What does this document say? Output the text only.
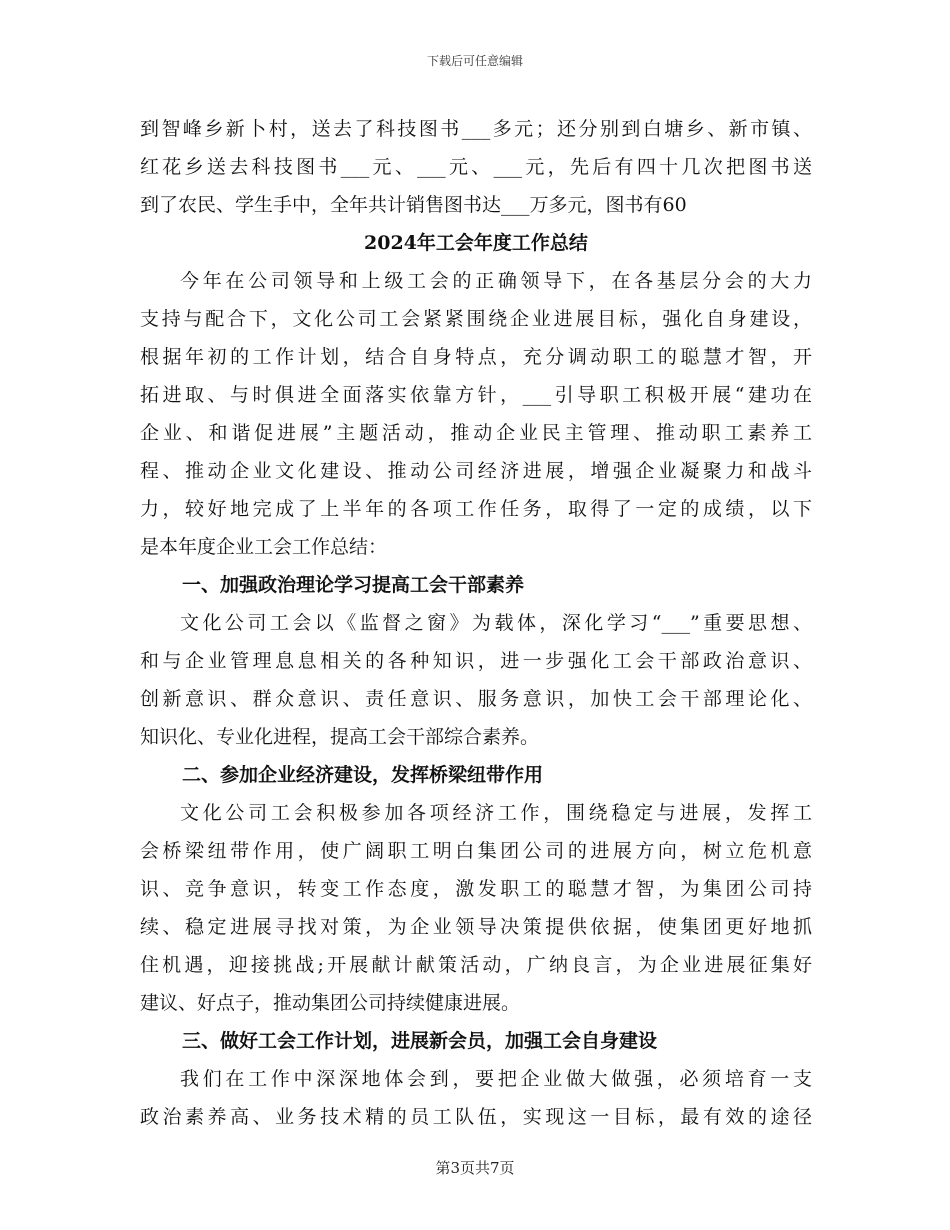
下载后可任意编辑
到智峰乡新卜村，送去了科技图书___多元；还分别到白塘乡、新市镇、
红花乡送去科技图书___元、___元、___元，先后有四十几次把图书送
到了农民、学生手中，全年共计销售图书达___万多元，图书有60
2024年工会年度工作总结
今年在公司领导和上级工会的正确领导下，在各基层分会的大力
支持与配合下，文化公司工会紧紧围绕企业进展目标，强化自身建设，
根据年初的工作计划，结合自身特点，充分调动职工的聪慧才智，开
拓进取、与时俱进全面落实依靠方针，___引导职工积极开展“建功在
企业、和谐促进展”主题活动，推动企业民主管理、推动职工素养工
程、推动企业文化建设、推动公司经济进展，增强企业凝聚力和战斗
力，较好地完成了上半年的各项工作任务，取得了一定的成绩，以下
是本年度企业工会工作总结：
一、加强政治理论学习提高工会干部素养
文化公司工会以《监督之窗》为载体，深化学习“___”重要思想、
和与企业管理息息相关的各种知识，进一步强化工会干部政治意识、
创新意识、群众意识、责任意识、服务意识，加快工会干部理论化、
知识化、专业化进程，提高工会干部综合素养。
二、参加企业经济建设，发挥桥梁纽带作用
文化公司工会积极参加各项经济工作，围绕稳定与进展，发挥工
会桥梁纽带作用，使广阔职工明白集团公司的进展方向，树立危机意
识、竞争意识，转变工作态度，激发职工的聪慧才智，为集团公司持
续、稳定进展寻找对策，为企业领导决策提供依据，使集团更好地抓
住机遇，迎接挑战;开展献计献策活动，广纳良言，为企业进展征集好
建议、好点子，推动集团公司持续健康进展。
三、做好工会工作计划，进展新会员，加强工会自身建设
我们在工作中深深地体会到，要把企业做大做强，必须培育一支
政治素养高、业务技术精的员工队伍，实现这一目标，最有效的途径
第3页共7页
